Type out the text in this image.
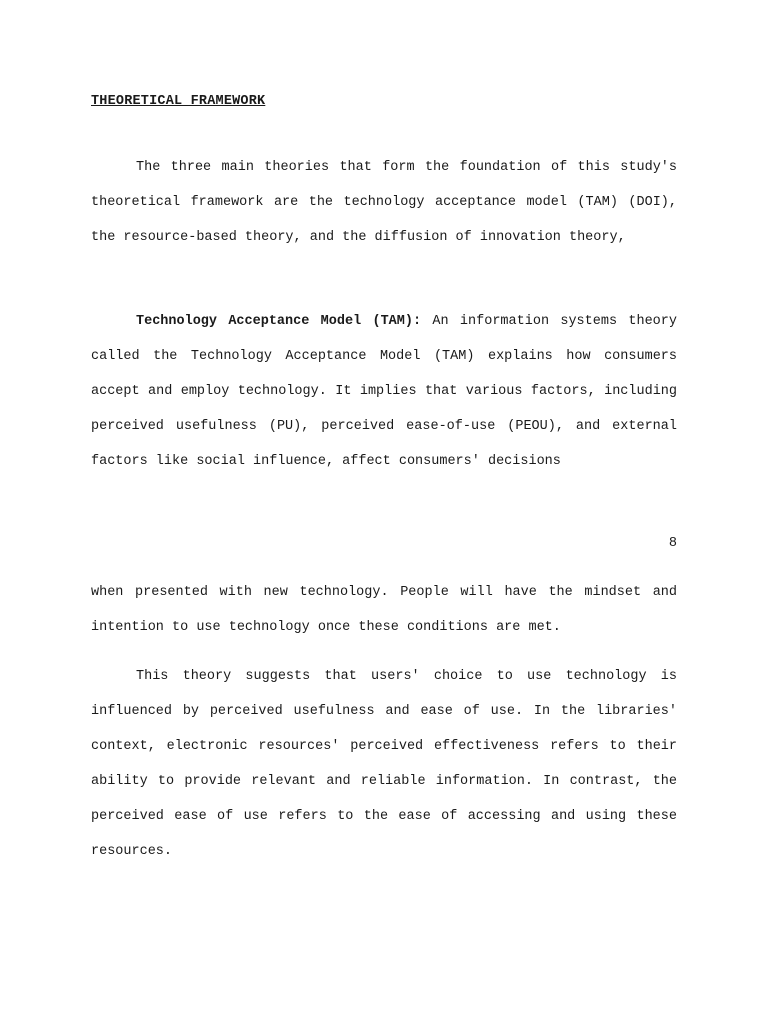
THEORETICAL FRAMEWORK

The three main theories that form the foundation of this study's theoretical framework are the technology acceptance model (TAM) (DOI), the resource-based theory, and the diffusion of innovation theory,

Technology Acceptance Model (TAM): An information systems theory called the Technology Acceptance Model (TAM) explains how consumers accept and employ technology. It implies that various factors, including perceived usefulness (PU), perceived ease-of-use (PEOU), and external factors like social influence, affect consumers' decisions

8

when presented with new technology. People will have the mindset and intention to use technology once these conditions are met.

This theory suggests that users' choice to use technology is influenced by perceived usefulness and ease of use. In the libraries' context, electronic resources' perceived effectiveness refers to their ability to provide relevant and reliable information. In contrast, the perceived ease of use refers to the ease of accessing and using these resources.
